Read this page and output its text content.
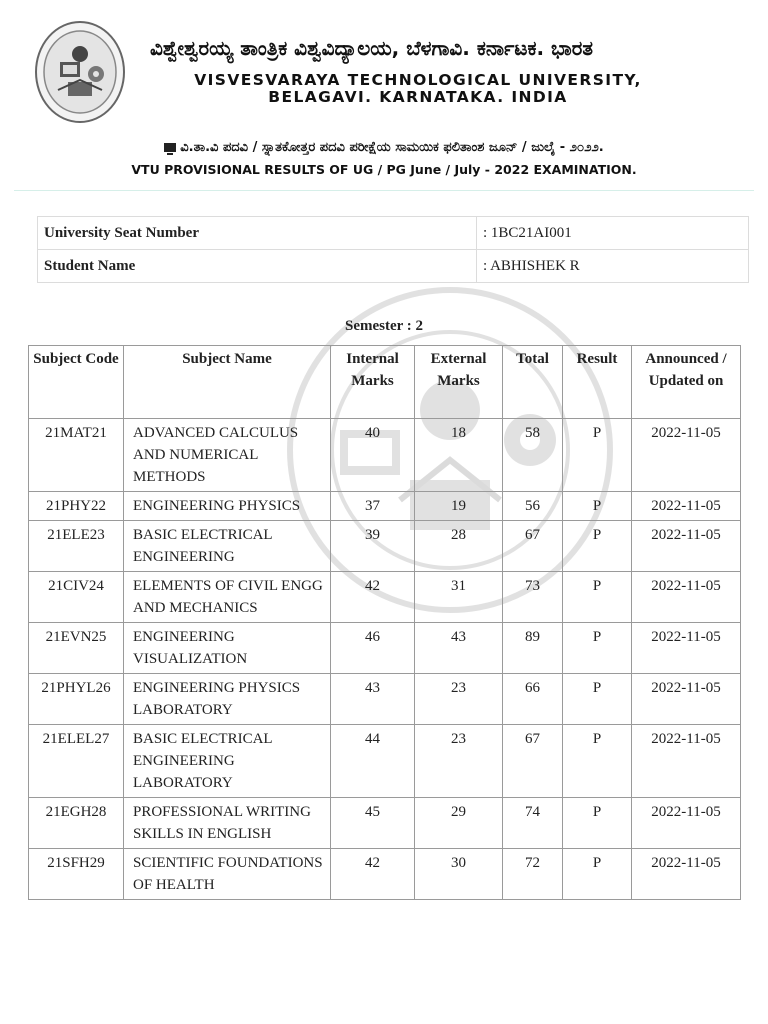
ವಿಶ್ವೇಶ್ವರಯ್ಯ ತಾಂತ್ರಿಕ ವಿಶ್ವವಿದ್ಯಾಲಯ, ಬೆಳಗಾವಿ. ಕರ್ನಾಟಕ. ಭಾರತ
VISVESVARAYA TECHNOLOGICAL UNIVERSITY,
BELAGAVI. KARNATAKA. INDIA
ವಿ.ತಾ.ವಿ ಪದವಿ / ಸ್ನಾತಕೋತ್ತರ ಪದವಿ ಪರೀಕ್ಷೆಯ ಸಾಮಯಿಕ ಫಲಿತಾಂಶ ಜೂನ್ / ಜುಲೈ - ೨೦೨೨.
VTU PROVISIONAL RESULTS OF UG / PG June / July - 2022 EXAMINATION.
University Seat Number	: 1BC21AI001
Student Name	: ABHISHEK R
Semester : 2
Subject Code	Subject Name	Internal Marks	External Marks	Total	Result	Announced / Updated on
21MAT21	ADVANCED CALCULUS AND NUMERICAL METHODS	40	18	58	P	2022-11-05
21PHY22	ENGINEERING PHYSICS	37	19	56	P	2022-11-05
21ELE23	BASIC ELECTRICAL ENGINEERING	39	28	67	P	2022-11-05
21CIV24	ELEMENTS OF CIVIL ENGG AND MECHANICS	42	31	73	P	2022-11-05
21EVN25	ENGINEERING VISUALIZATION	46	43	89	P	2022-11-05
21PHYL26	ENGINEERING PHYSICS LABORATORY	43	23	66	P	2022-11-05
21ELEL27	BASIC ELECTRICAL ENGINEERING LABORATORY	44	23	67	P	2022-11-05
21EGH28	PROFESSIONAL WRITING SKILLS IN ENGLISH	45	29	74	P	2022-11-05
21SFH29	SCIENTIFIC FOUNDATIONS OF HEALTH	42	30	72	P	2022-11-05
